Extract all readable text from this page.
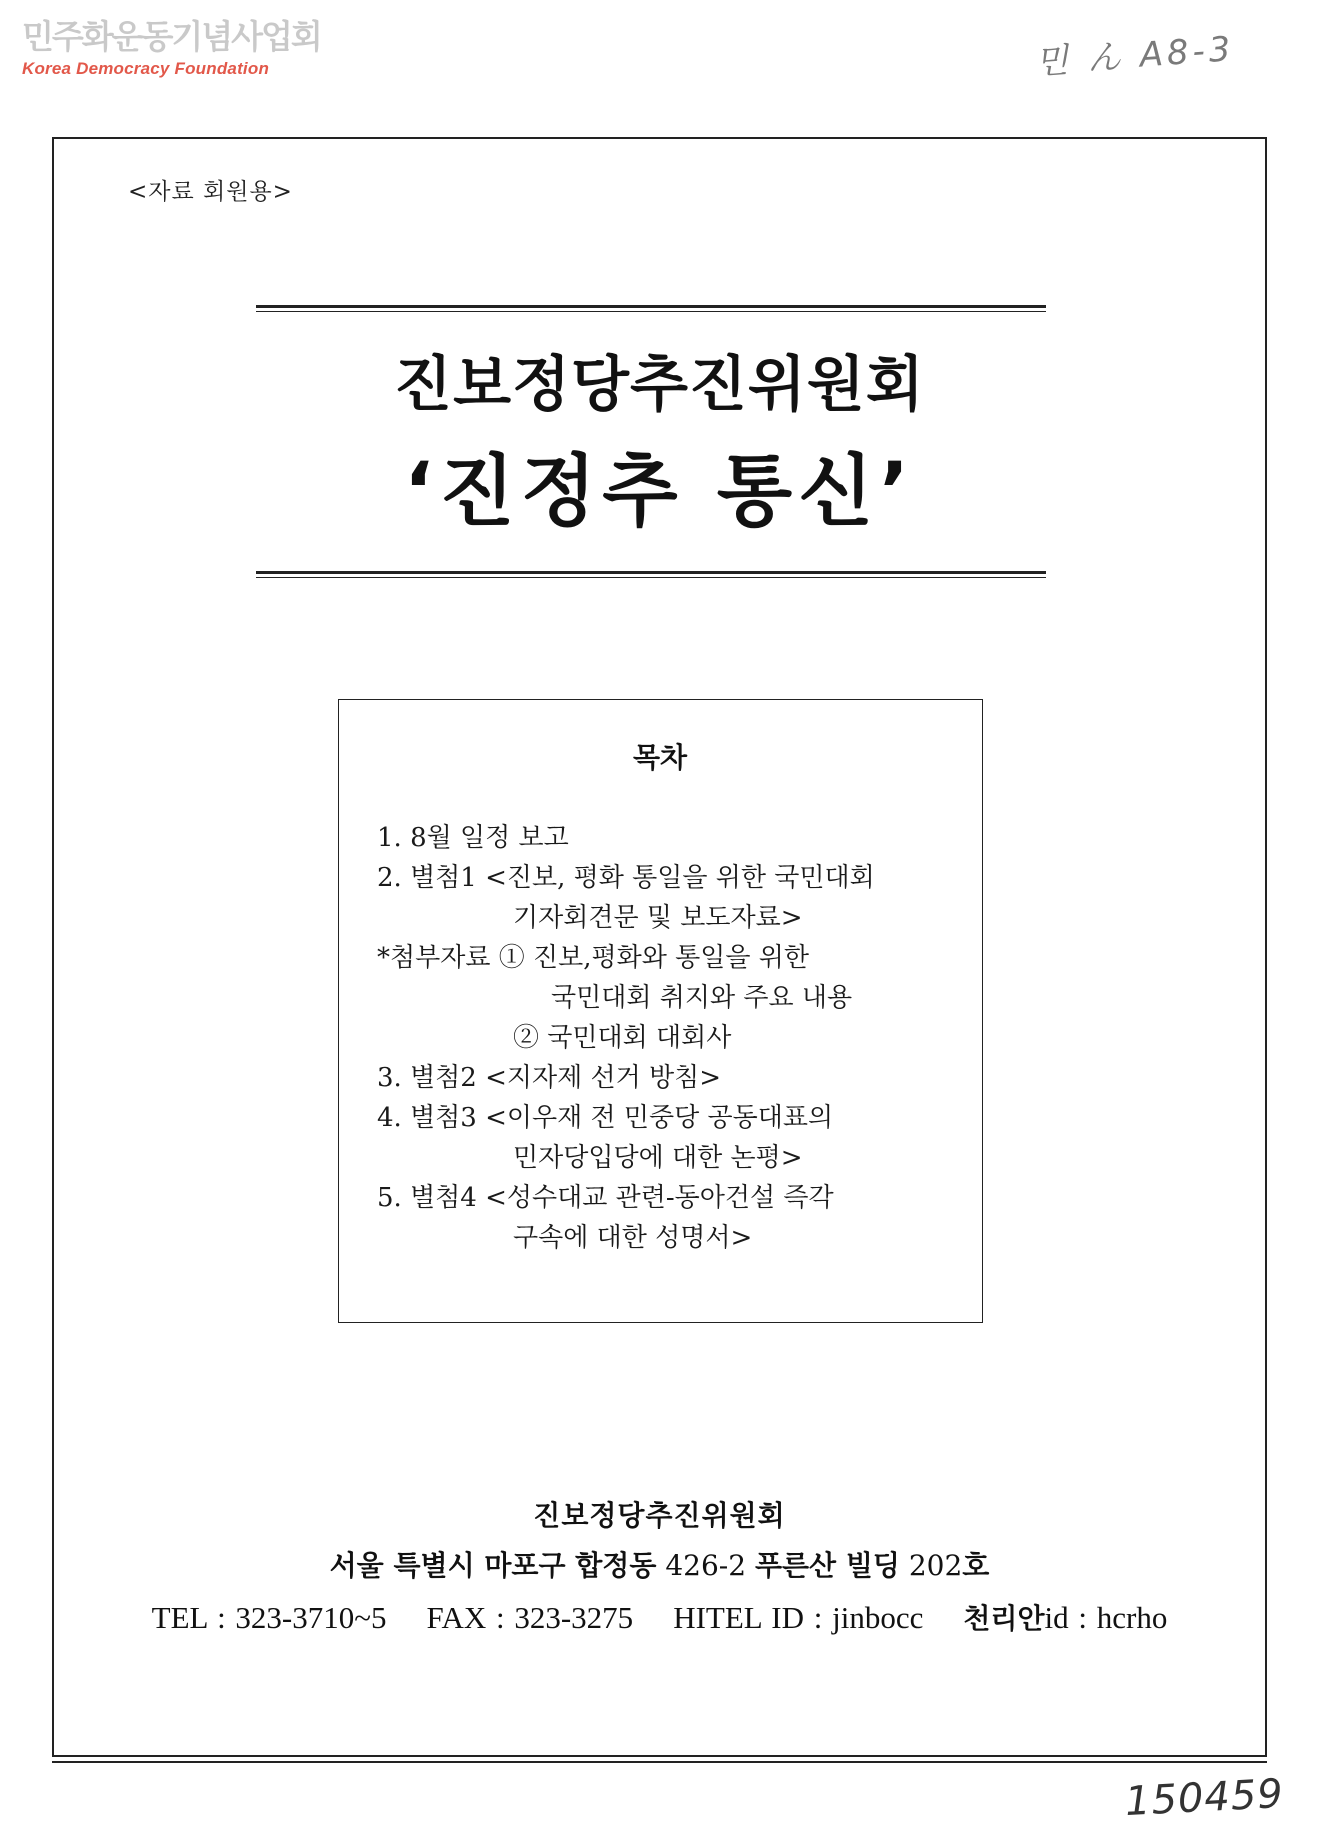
민주화운동기념사업회
Korea Democracy Foundation	민 ん A8-3
<자료 회원용>
진보정당추진위원회
‘진정추 통신’
목차
1. 8월 일정 보고
2. 별첨1 <진보, 평화 통일을 위한 국민대회
기자회견문 및 보도자료>
*첨부자료 ① 진보,평화와 통일을 위한
국민대회 취지와 주요 내용
② 국민대회 대회사
3. 별첨2 <지자제 선거 방침>
4. 별첨3 <이우재 전 민중당 공동대표의
민자당입당에 대한 논평>
5. 별첨4 <성수대교 관련-동아건설 즉각
구속에 대한 성명서>
진보정당추진위원회
서울 특별시 마포구 합정동 426-2 푸른산 빌딩 202호
TEL : 323-3710~5 FAX : 323-3275 HITEL ID : jinbocc 천리안id : hcrho
150459
